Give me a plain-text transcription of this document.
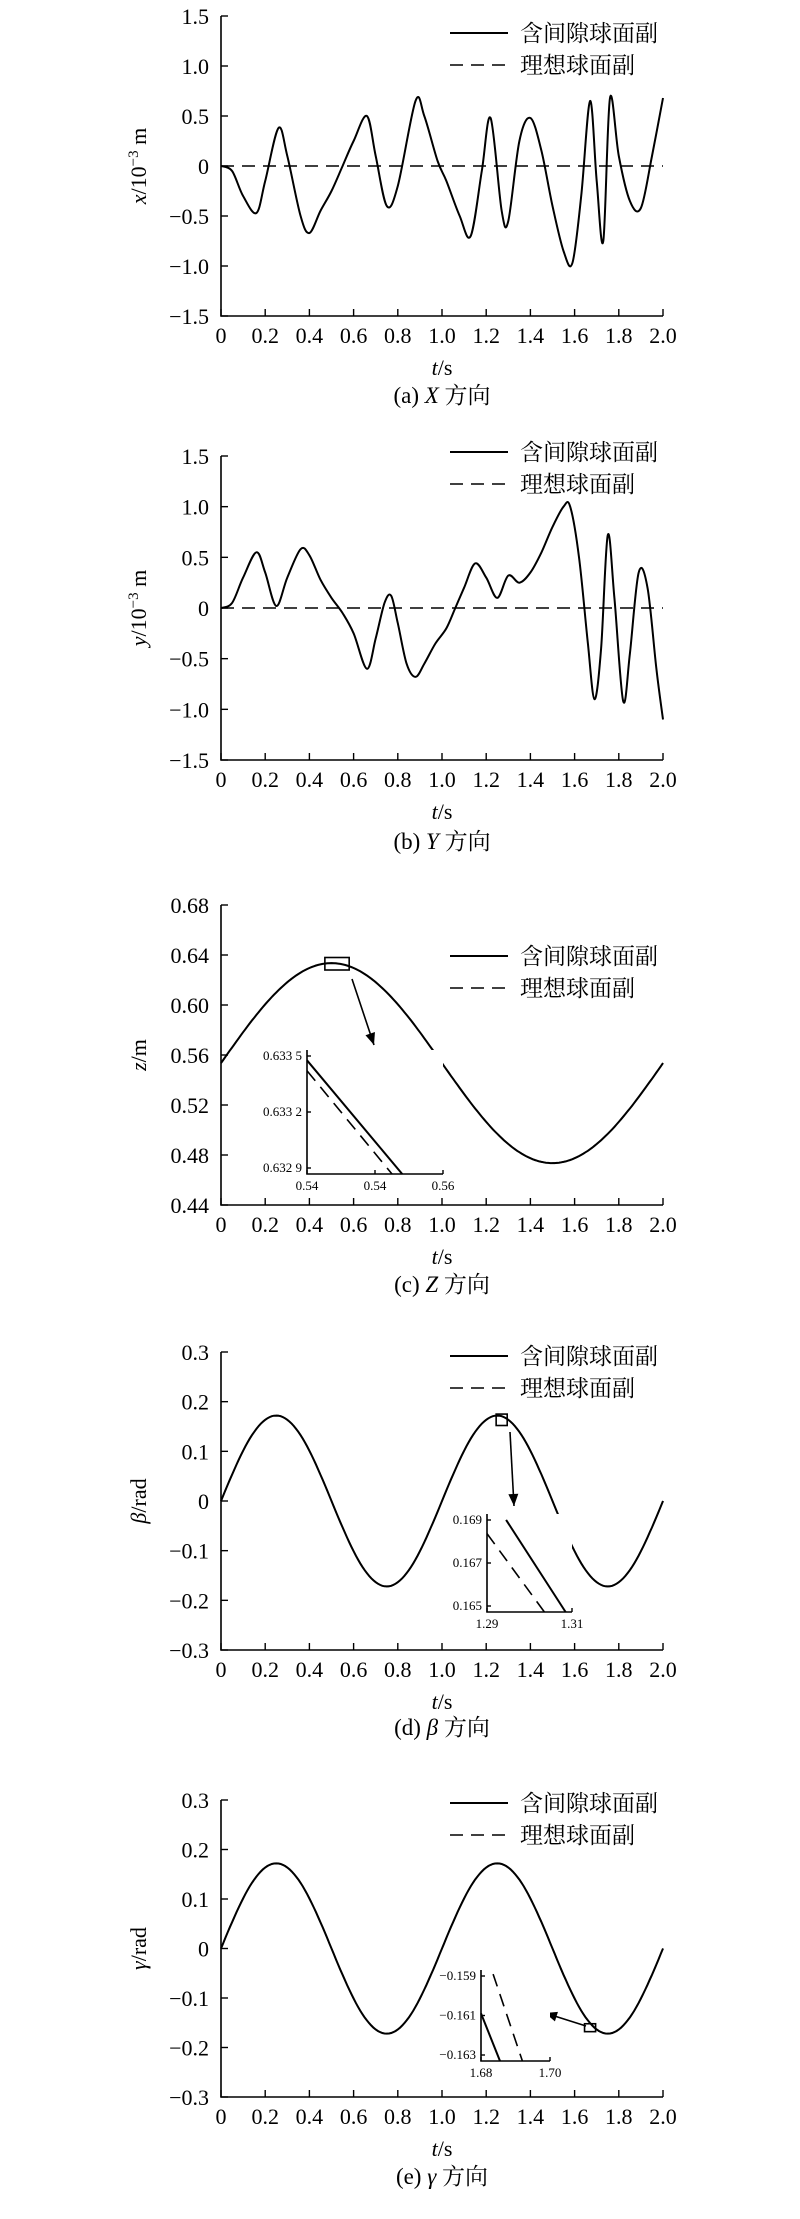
0 0.2 0.4 0.6 0.8 1.0 1.2 1.4 1.6 1.8 2.0
−1.5
−1.0
−0.5
0
0.5
1.0
1.5
t/s
$x/10^{-3}$ m
含间隙球面副
理想球面副
(a) X 方向
0 0.2 0.4 0.6 0.8 1.0 1.2 1.4 1.6 1.8 2.0
−1.5
−1.0
−0.5
0
0.5
1.0
1.5
t/s
$y/10^{-3}$ m
含间隙球面副
理想球面副
(b) Y 方向
0 0.2 0.4 0.6 0.8 1.0 1.2 1.4 1.6 1.8 2.0
0.44
0.48
0.52
0.56
0.60
0.64
0.68
t/s
z/m
含间隙球面副
理想球面副
(c) Z 方向
0.54	0.54	0.56
0.633 5
0.633 2
0.632 9
0 0.2 0.4 0.6 0.8 1.0 1.2 1.4 1.6 1.8 2.0
−0.3
−0.2
−0.1
0
0.1
0.2
0.3
t/s
β/rad
含间隙球面副
理想球面副
(d) β 方向
1.29	1.31
0.169
0.167
0.165
0 0.2 0.4 0.6 0.8 1.0 1.2 1.4 1.6 1.8 2.0
−0.3
−0.2
−0.1
0
0.1
0.2
0.3
t/s
γ/rad
含间隙球面副
理想球面副
(e) γ 方向
1.68	1.70
−0.159
−0.161
−0.163
